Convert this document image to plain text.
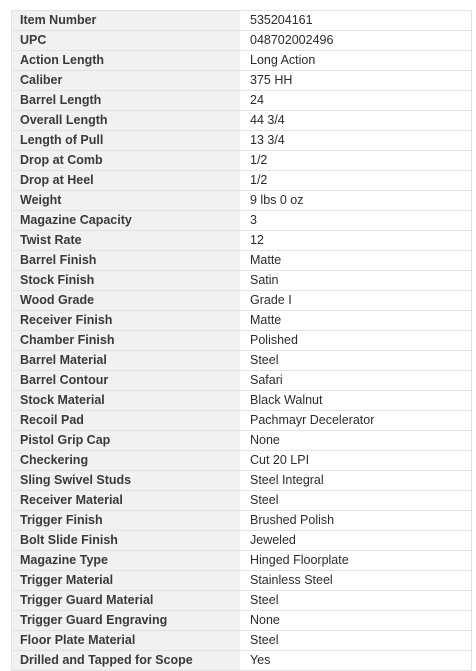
Item Number	535204161
UPC	048702002496
Action Length	Long Action
Caliber	375 HH
Barrel Length	24
Overall Length	44 3/4
Length of Pull	13 3/4
Drop at Comb	1/2
Drop at Heel	1/2
Weight	9 lbs 0 oz
Magazine Capacity	3
Twist Rate	12
Barrel Finish	Matte
Stock Finish	Satin
Wood Grade	Grade I
Receiver Finish	Matte
Chamber Finish	Polished
Barrel Material	Steel
Barrel Contour	Safari
Stock Material	Black Walnut
Recoil Pad	Pachmayr Decelerator
Pistol Grip Cap	None
Checkering	Cut 20 LPI
Sling Swivel Studs	Steel Integral
Receiver Material	Steel
Trigger Finish	Brushed Polish
Bolt Slide Finish	Jeweled
Magazine Type	Hinged Floorplate
Trigger Material	Stainless Steel
Trigger Guard Material	Steel
Trigger Guard Engraving	None
Floor Plate Material	Steel
Drilled and Tapped for Scope	Yes
